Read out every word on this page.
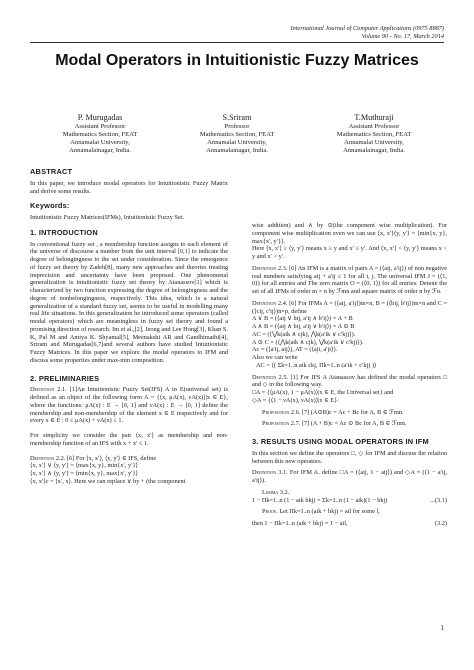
International Journal of Computer Applications (0975 8887)
Volume 90 - No. 17, March 2014
Modal Operators in Intuitionistic Fuzzy Matrices
P. Murugadas
Assistant Professor
Mathematics Section, FEAT
Annamalai University,
Annamalainagar, India.
S.Sriram
Professor
Mathematics Section, FEAT
Annamalai University,
Annamalainagar, India.
T.Muthuraji
Assistant Professor
Mathematics Section, FEAT
Annamalai University,
Annamalainagar, India.

ABSTRACT

In this paper, we introduce modal operators for Intuitionistic Fuzzy Matrix and derive some results.

Keywords:

Intuitionistic Fuzzy Matrices(IFMs), Intuitionistic Fuzzy Set.

1. INTRODUCTION

In conventional fuzzy set , a membership function assigns to each element of the universe of discourse a number from the unit interval [0,1] to indicate the degree of belongingness to the set under consideration. Since the emergence of fuzzy set theory by Zadeh[8], many new approaches and theories treating imprecision and uncertainty have been proposed. One phenomenal generalization is intuitionistic fuzzy set theory by Atanassov[1] which is characterized by two function expressing the degree of belongingness and the degree of nonbelongingness, respectively. This idea, which is a natural generalization of a standard fuzzy set, seems to be useful in modelling many real life situations. In this generalization he introduced some operators (called modal operators) which are meaningless in fuzzy set theory and found a promising direction of research. Im et al.,[2], Jeong and Lee Hong[3], Khan S. K, Pal M and Amiya K. Shyamal[5], Meenakshi AR and Gandhimathi[4], Sriram and Murugadas[6,7]and several authors have studied Intuitionistic Fuzzy Matrices. In this paper we explore the modal operators to IFM and discuss some properties under max-min composition.

2. PRELIMINARIES

Definition 2.1. [1]An Intuitionistic Fuzzy Set(IFS) A in E(universal set) is defined as an object of the following form A = {⟨x, μA(x), νA(x)⟩|x ∈ E}, where the functions: μA(x) : E → [0, 1] and νA(x) : E → [0, 1] define the membership and non-membership of the element x ∈ E respectively and for every x ∈ E : 0 ≤ μA(x) + νA(x) ≤ 1.

For simplicity we consider the pair ⟨x, x′⟩ as membership and non-membership function of an IFS with x + x′ ≤ 1.

Definition 2.2. [6] For ⟨x, x′⟩, ⟨y, y′⟩ ∈ IFS, define

⟨x, x′⟩ ∨ ⟨y, y′⟩ = ⟨max{x, y}, min{x′, y′}⟩

⟨x, x′⟩ ∧ ⟨y, y′⟩ = ⟨min{x, y}, max{x′, y′}⟩

⟨x, x′⟩c = ⟨x′, x⟩. Here we can replace ∨ by + (the component

wise addition) and ∧ by ⊙(the component wise multiplication). For component wise multiplication even we can use ⟨x, x′⟩⟨y, y′⟩ = ⟨min{x, y}, max{x′, y′}⟩.

Here ⟨x, x′⟩ ≥ ⟨y, y′⟩ means x ≥ y and x′ ≤ y′. And ⟨x, x′⟩ < ⟨y, y′⟩ means x < y and x′ > y′.

Definition 2.3. [6] An IFM is a matrix of pairs A = (⟨aij, a′ij⟩) of non negative real numbers satisfying aij + a′ij ≤ 1 for all i, j. The universal IFM J = (⟨1, 0⟩) for all entries and The zero matrix O = (⟨0, 1⟩) for all entries. Denote the set of all IFMs of order m × n by ℱmn and square matrix of order n by ℱn.

Definition 2.4. [6] For IFMs A = (⟨aij, a′ij⟩)m×n, B = (⟨bij, b′ij⟩)m×n and C = (⟨cij, c′ij⟩)n×p, define

A ∨ B = (⟨aij ∨ bij, a′ij ∧ b′ij⟩) = A + B

A ∧ B = (⟨aij ∧ bij, a′ij ∨ b′ij⟩) = A ⊙ B

AC = (⟨⋁k(aik ∧ cjk), ⋀k(a′ik ∨ c′kj)⟩).

A ⊙ C = (⟨⋀k(aik ∧ cjk), ⋁k(a′ik ∨ c′kj)⟩).

Ac = (⟨a′ij, aij⟩), AT = (⟨aji, a′ji⟩).

Also we can write

AC = ⟨( Σk=1..n aik ckj, Πk=1..n (a′ik + c′kj) )⟩

Definition 2.5. [1] For IFS A Atanassov has defined the modal operators □ and ◇ in the following way.

□A = {⟨μA(x), 1 − μA(x)⟩|x ∈ E, the Universal set} and

◇A = {⟨1 − νA(x), νA(x)⟩|x ∈ E}.

Proposition 2.6. [7] (A⊙B)c = Ac + Bc for A, B ∈ ℱmn.

Proposition 2.7. [7] (A + B)c = Ac ⊙ Bc for A, B ∈ ℱmn.

3. RESULTS USING MODAL OPERATORS IN IFM

In this section we define the operators □, ◇ for IFM and discuss the relation between this new operators.

Definition 3.1. For IFM A. define □A = (⟨aij, 1 − aij⟩) and ◇A = (⟨1 − a′ij, a′ij⟩).

Lemma 3.2.

1 − Πk=1..n (1 − aik bkj) = Σk=1..n (1 − aik)(1 − bkj)	...(3.1)

Proof. Let Πk=1..n (aik + bkj) = ail for some l,

then 1 − Πk=1..n (aik + bkj) = 1 − ail,	(3.2)
1
